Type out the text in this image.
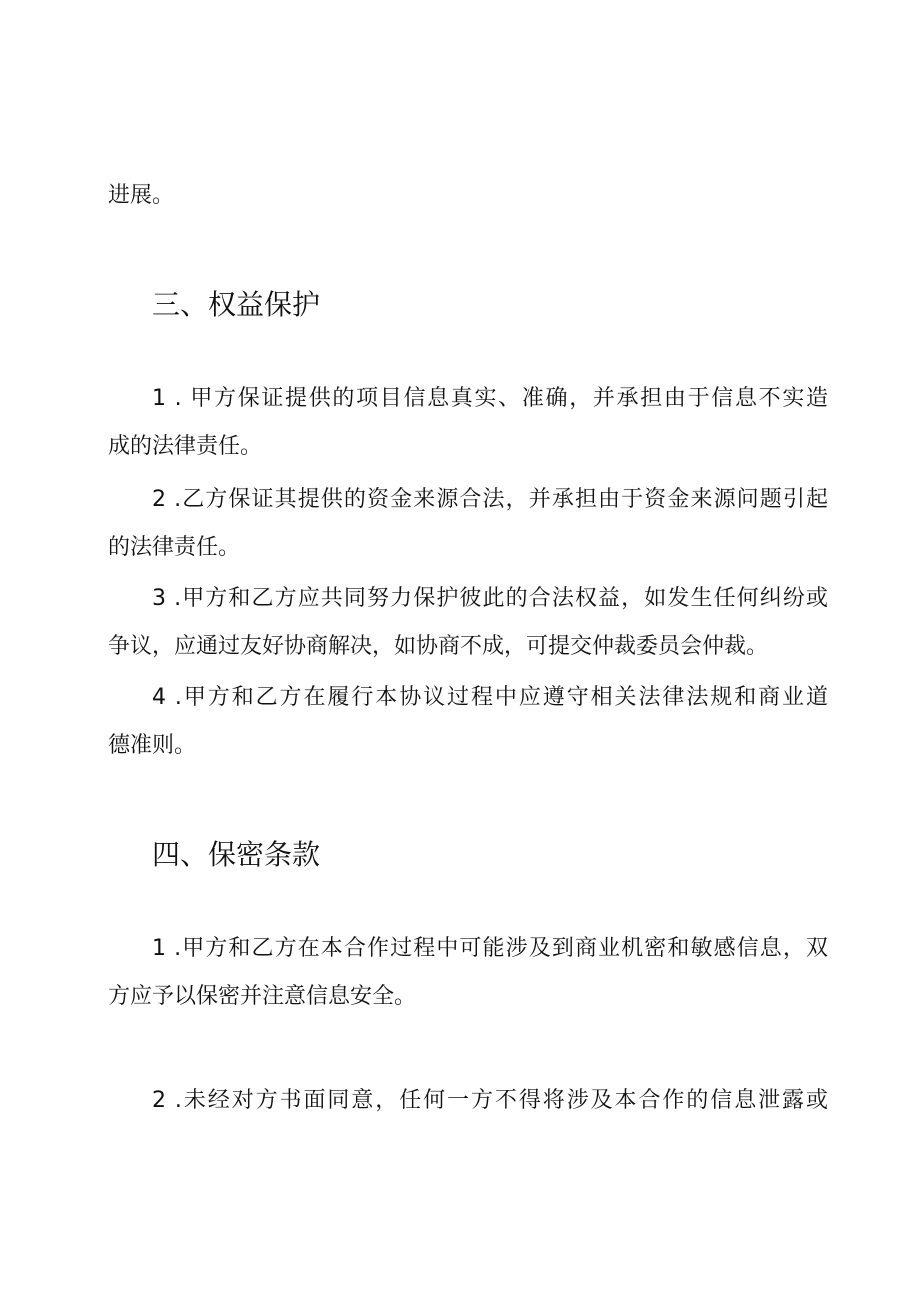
进展。
三、权益保护
1 . 甲方保证提供的项目信息真实、准确，并承担由于信息不实造
成的法律责任。
2 .乙方保证其提供的资金来源合法，并承担由于资金来源问题引起
的法律责任。
3 .甲方和乙方应共同努力保护彼此的合法权益，如发生任何纠纷或
争议，应通过友好协商解决，如协商不成，可提交仲裁委员会仲裁。
4 .甲方和乙方在履行本协议过程中应遵守相关法律法规和商业道
德准则。
四、保密条款
1 .甲方和乙方在本合作过程中可能涉及到商业机密和敏感信息，双
方应予以保密并注意信息安全。
2 .未经对方书面同意，任何一方不得将涉及本合作的信息泄露或
